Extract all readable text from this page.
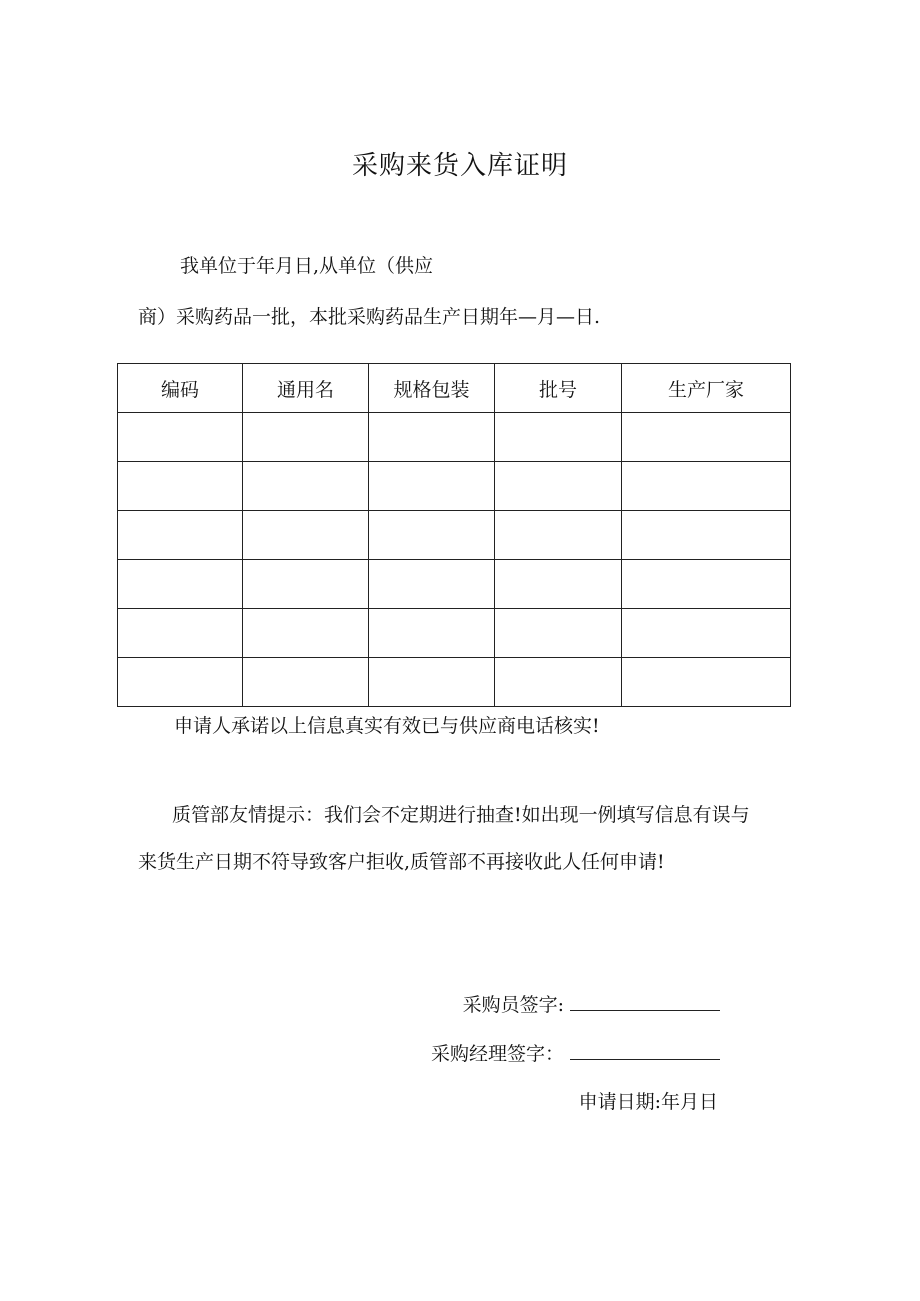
采购来货入库证明
我单位于年月日,从单位（供应
商）采购药品一批，本批采购药品生产日期年—月—日.
编码	通用名	规格包装	批号	生产厂家

申请人承诺以上信息真实有效已与供应商电话核实!
质管部友情提示：我们会不定期进行抽查!如出现一例填写信息有误与
来货生产日期不符导致客户拒收,质管部不再接收此人任何申请!
采购员签字:
采购经理签字：
申请日期:年月日
